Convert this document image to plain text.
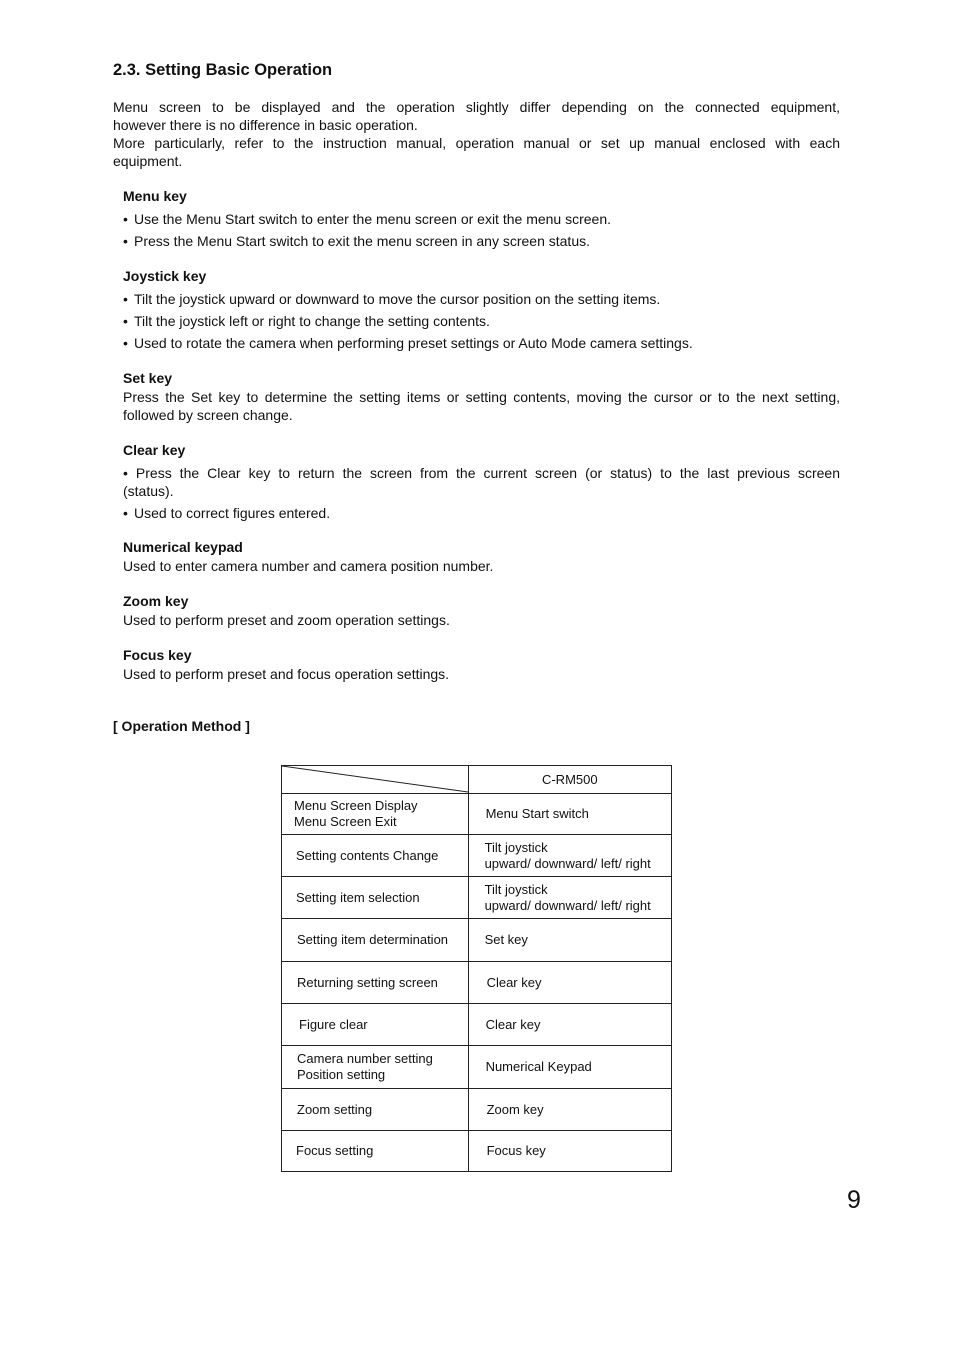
2.3. Setting Basic Operation
Menu screen to be displayed and the operation slightly differ depending on the connected equipment,
however there is no difference in basic operation.
More particularly, refer to the instruction manual, operation manual or set up manual enclosed with each
equipment.
Menu key
• Use the Menu Start switch to enter the menu screen or exit the menu screen.
• Press the Menu Start switch to exit the menu screen in any screen status.
Joystick key
• Tilt the joystick upward or downward to move the cursor position on the setting items.
• Tilt the joystick left or right to change the setting contents.
• Used to rotate the camera when performing preset settings or Auto Mode camera settings.
Set key
Press the Set key to determine the setting items or setting contents, moving the cursor or to the next setting,
followed by screen change.
Clear key
• Press the Clear key to return the screen from the current screen (or status) to the last previous screen
(status).
• Used to correct figures entered.
Numerical keypad
Used to enter camera number and camera position number.
Zoom key
Used to perform preset and zoom operation settings.
Focus key
Used to perform preset and focus operation settings.
[ Operation Method ]
	C-RM500

Menu Screen Display
Menu Screen Exit	Menu Start switch

Setting contents Change	Tilt joystick
upward/ downward/ left/ right

Setting item selection	Tilt joystick
upward/ downward/ left/ right

Setting item determination	Set key

Returning setting screen	Clear key

Figure clear	Clear key

Camera number setting
Position setting	Numerical Keypad

Zoom setting	Zoom key

Focus setting	Focus key
9
